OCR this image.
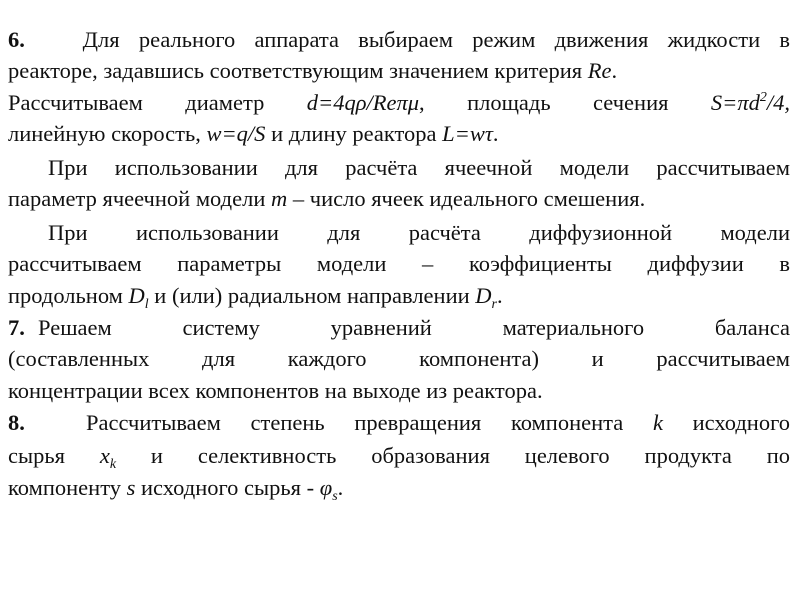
6.	Для реального аппарата выбираем режим движения жидкости в
реакторе, задавшись соответствующим значением критерия Re.
Рассчитываем диаметр d=4qρ/Reπμ, площадь сечения $S=\pi d^2/4$,
линейную скорость, w=q/S и длину реактора L=wτ.
При использовании для расчёта ячеечной модели рассчитываем
параметр ячеечной модели m – число ячеек идеального смешения.
При использовании для расчёта диффузионной модели
рассчитываем параметры модели – коэффициенты диффузии в
продольном $D_l$ и (или) радиальном направлении $D_r$.
7. Решаем системy уравнений материального баланса
(составленных для каждого компонента) и рассчитываем
концентрации всех компонентов на выходе из реактора.
8.	Рассчитываем степень превращения компонента k исходного
сырья $x_k$ и селективность образования целевого продукта по
компоненту s исходного сырья - $\varphi_s$.
